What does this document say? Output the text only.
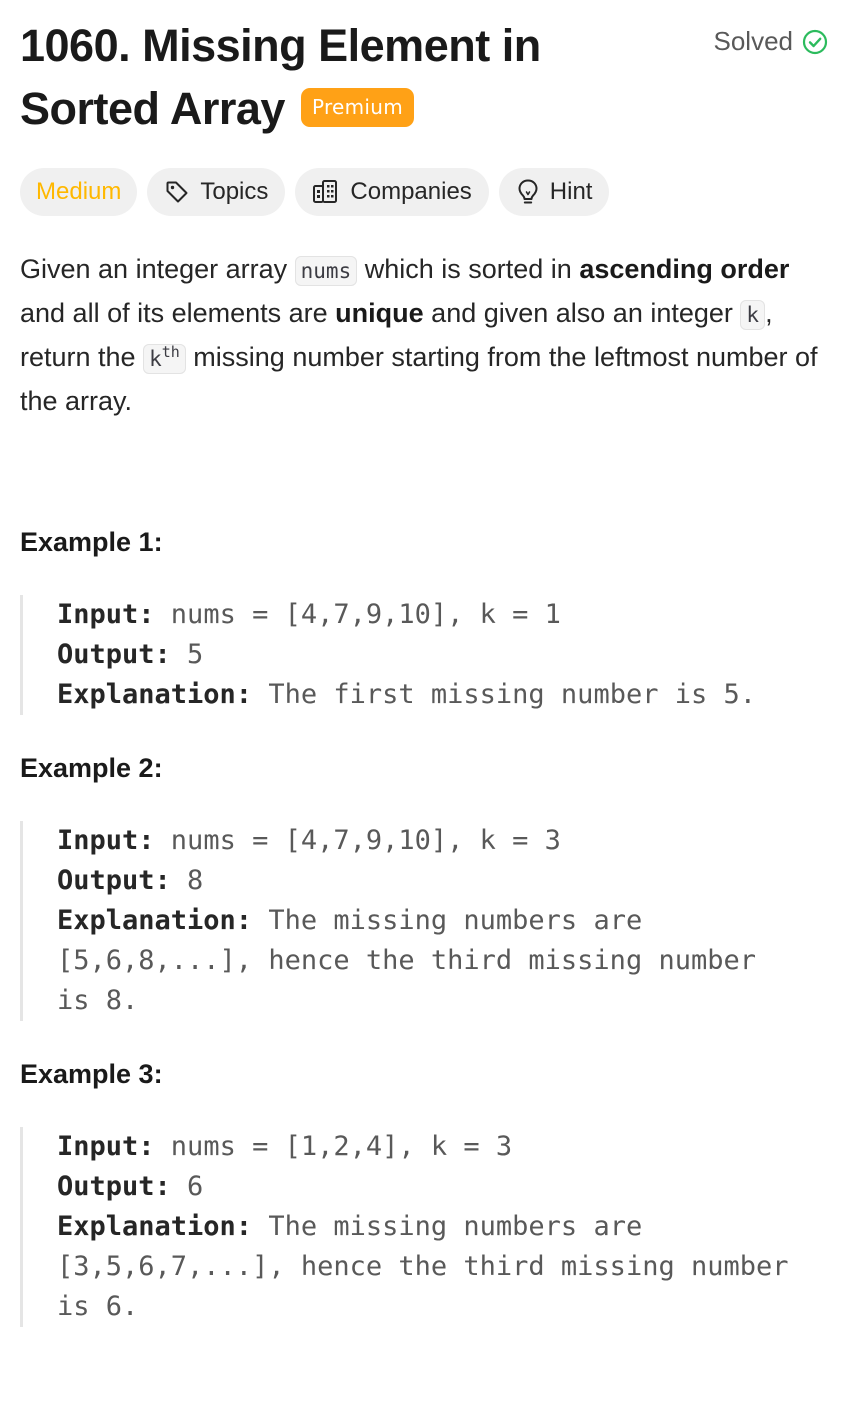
1060. Missing Element in Sorted Array Premium
Solved
Medium	Topics	Companies	Hint
Given an integer array nums which is sorted in ascending order and all of its elements are unique and given also an integer k , return the $k^{th}$ missing number starting from the leftmost number of the array.
Example 1:
Input: nums = [4,7,9,10], k = 1
Output: 5
Explanation: The first missing number is 5.
Example 2:
Input: nums = [4,7,9,10], k = 3
Output: 8
Explanation: The missing numbers are
[5,6,8,...], hence the third missing number
is 8.
Example 3:
Input: nums = [1,2,4], k = 3
Output: 6
Explanation: The missing numbers are
[3,5,6,7,...], hence the third missing number
is 6.
